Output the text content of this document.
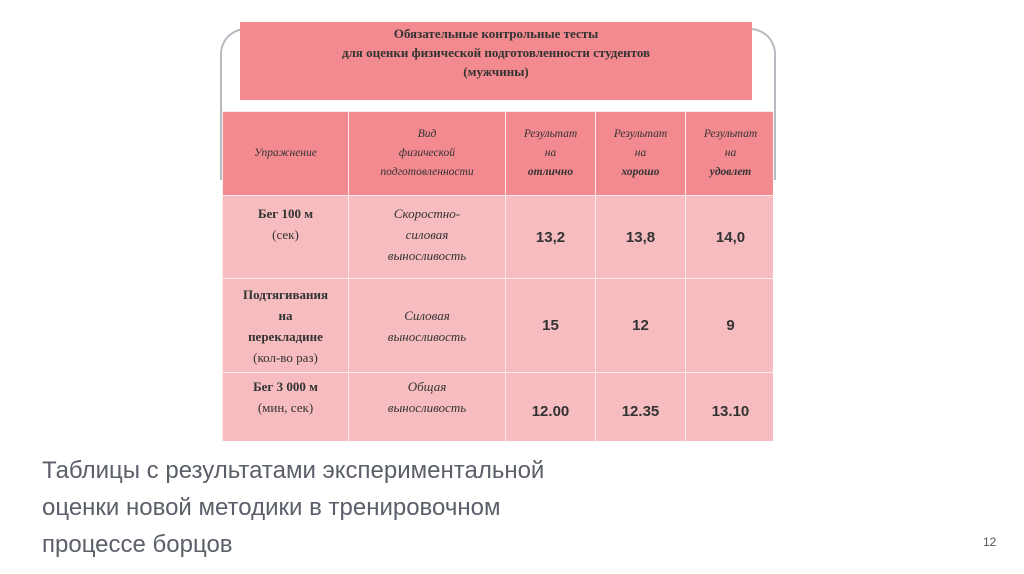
Обязательные контрольные тесты
для оценки физической подготовленности студентов
(мужчины)
Упражнение	Вид
физической
подготовленности	Результат
на
отлично	Результат
на
хорошо	Результат
на
удовлет
Бег 100 м
(сек)	Скоростно-
силовая
выносливость	13,2	13,8	14,0
Подтягивания
на
перекладине
(кол-во раз)	Силовая
выносливость	15	12	9
Бег 3 000 м
(мин, сек)	Общая
выносливость	12.00	12.35	13.10
Таблицы с результатами экспериментальной
оценки новой методики в тренировочном
процессе борцов	12
